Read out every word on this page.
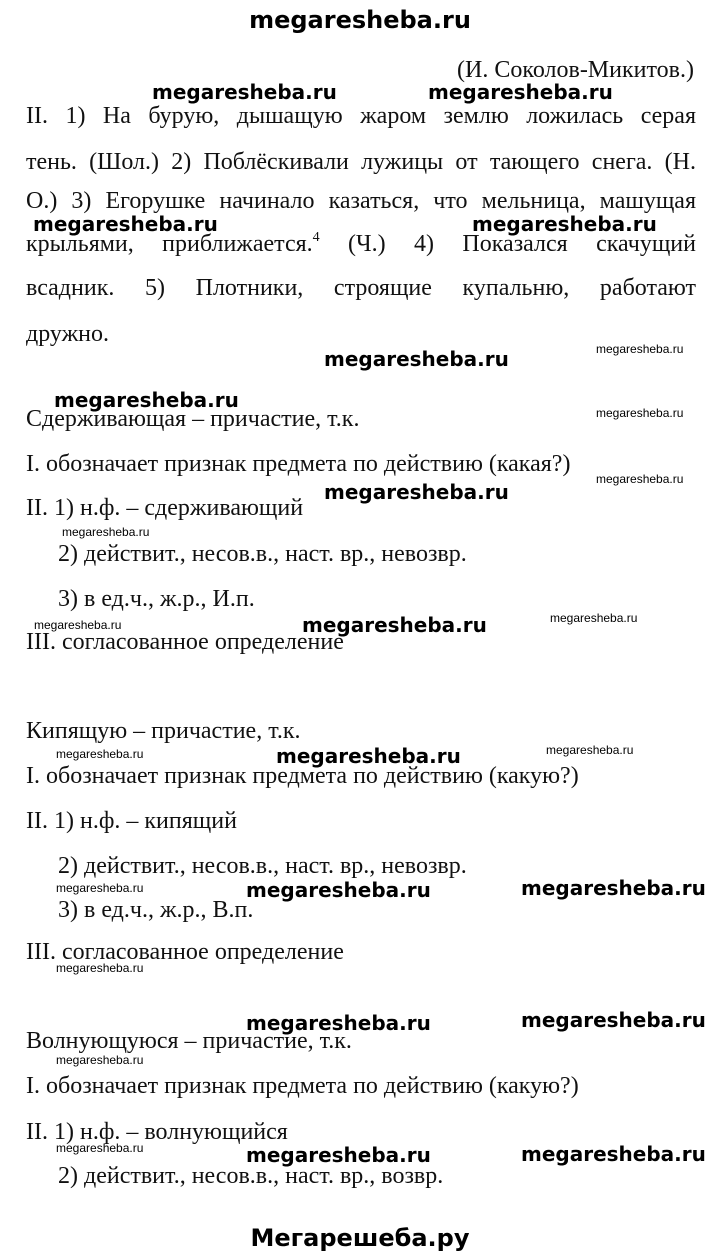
megaresheba.ru
(И. Соколов-Микитов.)
II. 1) На бурую, дышащую жаром землю ложилась серая
тень. (Шол.) 2) Поблёскивали лужицы от тающего снега. (Н.
О.) 3) Егорушке начинало казаться, что мельница, машущая
крыльями, приближается.$^4$ (Ч.) 4) Показался скачущий
всадник. 5) Плотники, строящие купальню, работают
дружно.
Сдерживающая – причастие, т.к.
I. обозначает признак предмета по действию (какая?)
II. 1) н.ф. – сдерживающий
2) действит., несов.в., наст. вр., невозвр.
3) в ед.ч., ж.р., И.п.
III. согласованное определение
Кипящую – причастие, т.к.
I. обозначает признак предмета по действию (какую?)
II. 1) н.ф. – кипящий
2) действит., несов.в., наст. вр., невозвр.
3) в ед.ч., ж.р., В.п.
III. согласованное определение
Волнующуюся – причастие, т.к.
I. обозначает признак предмета по действию (какую?)
II. 1) н.ф. – волнующийся
2) действит., несов.в., наст. вр., возвр.
megaresheba.ru	megaresheba.ru
megaresheba.ru	megaresheba.ru
megaresheba.ru
megaresheba.ru
megaresheba.ru
megaresheba.ru
megaresheba.ru
megaresheba.ru	megaresheba.ru
megaresheba.ru	megaresheba.ru
megaresheba.ru	megaresheba.ru
megaresheba.ru
megaresheba.ru
megaresheba.ru
megaresheba.ru
megaresheba.ru
megaresheba.ru
megaresheba.ru	megaresheba.ru
megaresheba.ru
megaresheba.ru
megaresheba.ru
megaresheba.ru
Мегарешеба.ру
